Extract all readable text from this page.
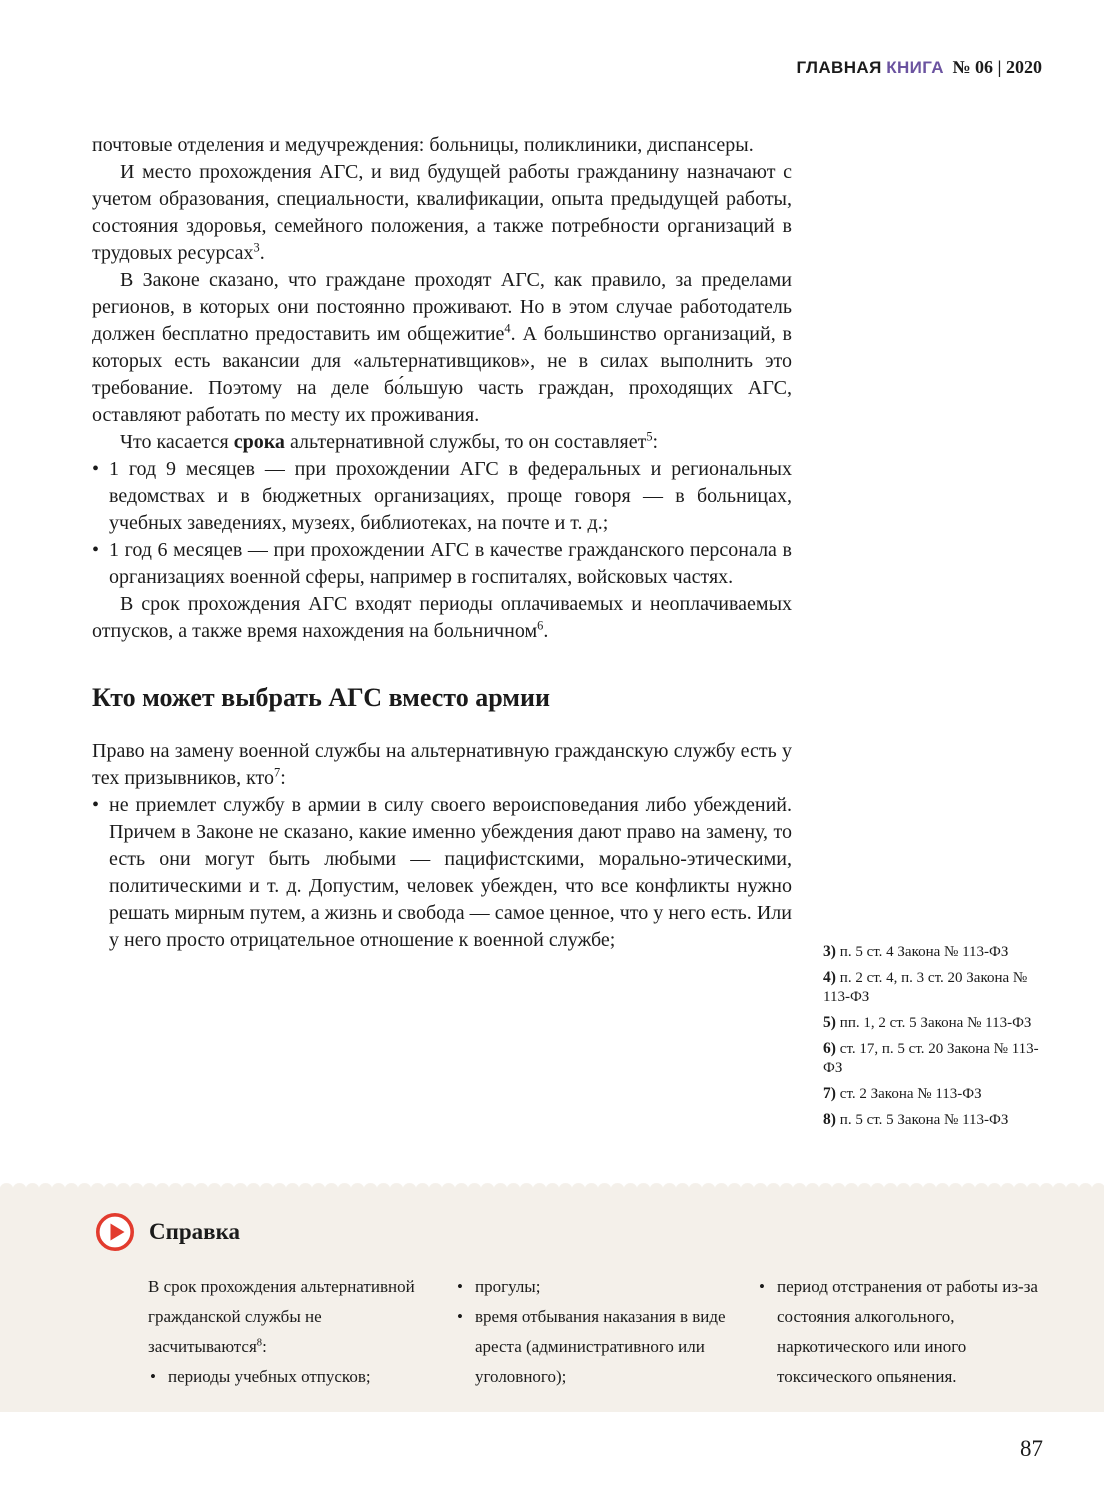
ГЛАВНАЯ КНИГА № 06 | 2020
почтовые отделения и медучреждения: больницы, поликлиники, диспансеры.
И место прохождения АГС, и вид будущей работы гражданину назначают с учетом образования, специальности, квалификации, опыта предыдущей работы, состояния здоровья, семейного положения, а также потребности организаций в трудовых ресурсах$^3$.
В Законе сказано, что граждане проходят АГС, как правило, за пределами регионов, в которых они постоянно проживают. Но в этом случае работодатель должен бесплатно предоставить им общежитие$^4$. А большинство организаций, в которых есть вакансии для «альтернативщиков», не в силах выполнить это требование. Поэтому на деле бо́льшую часть граждан, проходящих АГС, оставляют работать по месту их проживания.
Что касается срока альтернативной службы, то он составляет$^5$:
• 1 год 9 месяцев — при прохождении АГС в федеральных и региональных ведомствах и в бюджетных организациях, проще говоря — в больницах, учебных заведениях, музеях, библиотеках, на почте и т. д.;
• 1 год 6 месяцев — при прохождении АГС в качестве гражданского персонала в организациях военной сферы, например в госпиталях, войсковых частях.
В срок прохождения АГС входят периоды оплачиваемых и неоплачиваемых отпусков, а также время нахождения на больничном$^6$.
Кто может выбрать АГС вместо армии
Право на замену военной службы на альтернативную гражданскую службу есть у тех призывников, кто$^7$:
• не приемлет службу в армии в силу своего вероисповедания либо убеждений. Причем в Законе не сказано, какие именно убеждения дают право на замену, то есть они могут быть любыми — пацифистскими, морально-этическими, политическими и т. д. Допустим, человек убежден, что все конфликты нужно решать мирным путем, а жизнь и свобода — самое ценное, что у него есть. Или у него просто отрицательное отношение к военной службе;
3) п. 5 ст. 4 Закона № 113-ФЗ
4) п. 2 ст. 4, п. 3 ст. 20 Закона № 113-ФЗ
5) пп. 1, 2 ст. 5 Закона № 113-ФЗ
6) ст. 17, п. 5 ст. 20 Закона № 113-ФЗ
7) ст. 2 Закона № 113-ФЗ
8) п. 5 ст. 5 Закона № 113-ФЗ
Справка
В срок прохождения альтернативной гражданской службы не засчитываются$^8$:
• периоды учебных отпусков;
• прогулы;
• время отбывания наказания в виде ареста (административного или уголовного);
• период отстранения от работы из-за состояния алкогольного, наркотического или иного токсического опьянения.
87
